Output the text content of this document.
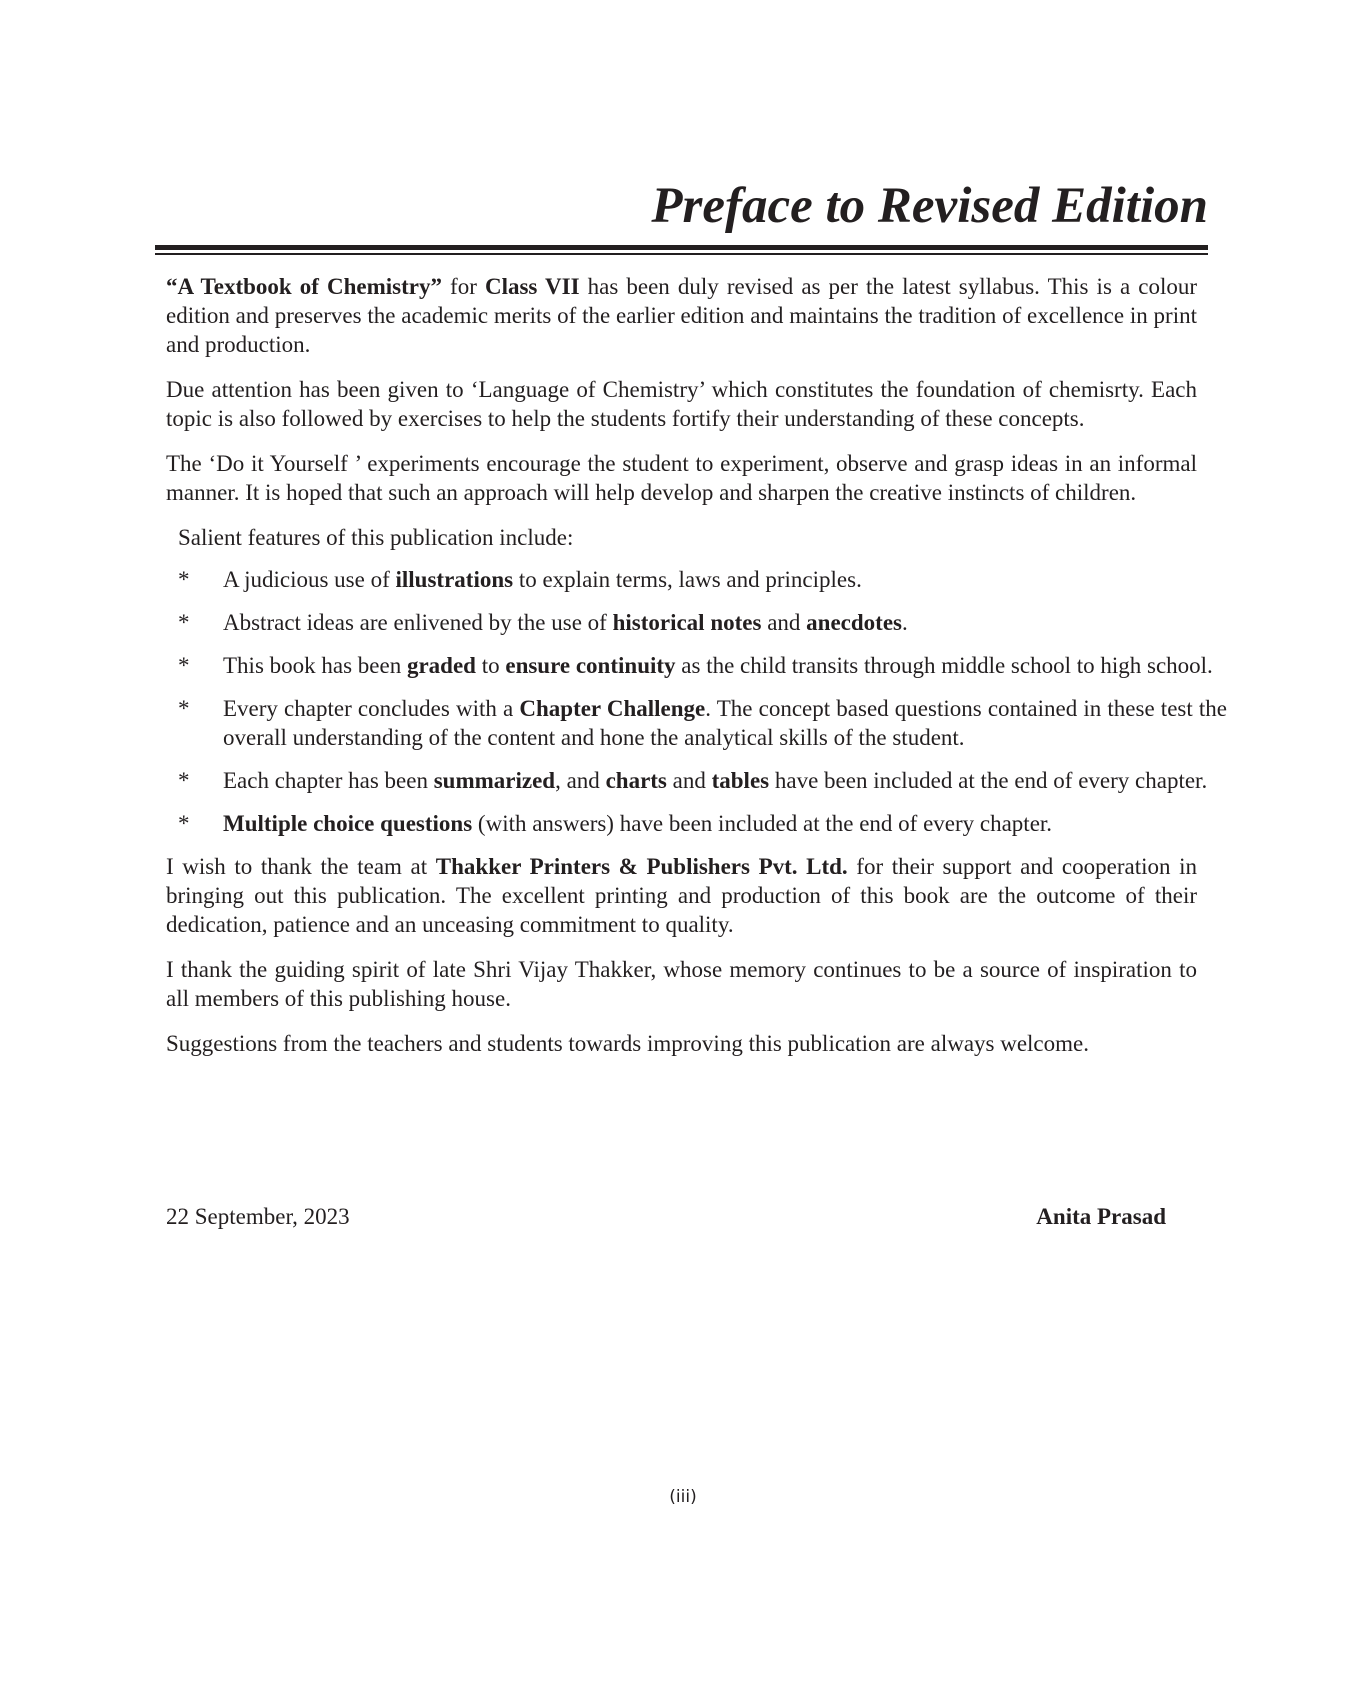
Preface to Revised Edition

“A Textbook of Chemistry” for Class VII has been duly revised as per the latest syllabus. This is a colour edition and preserves the academic merits of the earlier edition and maintains the tradition of excellence in print and production.

Due attention has been given to ‘Language of Chemistry’ which constitutes the foundation of chemisrty. Each topic is also followed by exercises to help the students fortify their understanding of these concepts.

The ‘Do it Yourself ’ experiments encourage the student to experiment, observe and grasp ideas in an informal manner. It is hoped that such an approach will help develop and sharpen the creative instincts of children.

Salient features of this publication include:

* A judicious use of illustrations to explain terms, laws and principles.
* Abstract ideas are enlivened by the use of historical notes and anecdotes.
* This book has been graded to ensure continuity as the child transits through middle school to high school.
* Every chapter concludes with a Chapter Challenge. The concept based questions contained in these test the overall understanding of the content and hone the analytical skills of the student.
* Each chapter has been summarized, and charts and tables have been included at the end of every chapter.
* Multiple choice questions (with answers) have been included at the end of every chapter.

I wish to thank the team at Thakker Printers & Publishers Pvt. Ltd. for their support and cooperation in bringing out this publication. The excellent printing and production of this book are the outcome of their dedication, patience and an unceasing commitment to quality.

I thank the guiding spirit of late Shri Vijay Thakker, whose memory continues to be a source of inspiration to all members of this publishing house.

Suggestions from the teachers and students towards improving this publication are always welcome.

22 September, 2023	Anita Prasad
(iii)
